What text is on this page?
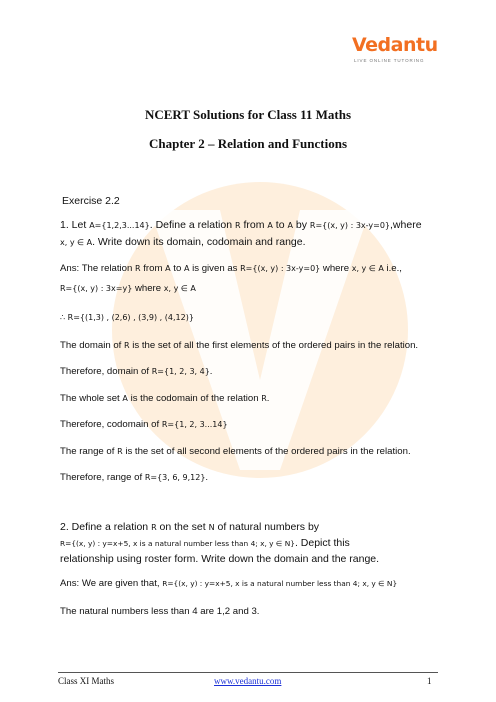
Vedantu
LIVE ONLINE TUTORING
NCERT Solutions for Class 11 Maths
Chapter 2 – Relation and Functions
Exercise 2.2
1. Let A={1,2,3...14}. Define a relation R from A to A by R={(x, y) : 3x-y=0},where
x, y ∈ A. Write down its domain, codomain and range.
Ans: The relation R from A to A is given as R={(x, y) : 3x-y=0} where x, y ∈ A i.e.,
R={(x, y) : 3x=y} where x, y ∈ A
∴ R={(1,3) , (2,6) , (3,9) , (4,12)}
The domain of R is the set of all the first elements of the ordered pairs in the relation.
Therefore, domain of R={1, 2, 3, 4}.
The whole set A is the codomain of the relation R.
Therefore, codomain of R={1, 2, 3...14}
The range of R is the set of all second elements of the ordered pairs in the relation.
Therefore, range of R={3, 6, 9,12}.
2. Define a relation R on the set N of natural numbers by
R={(x, y) : y=x+5, x is a natural number less than 4; x, y ∈ N}. Depict this
relationship using roster form. Write down the domain and the range.
Ans: We are given that, R={(x, y) : y=x+5, x is a natural number less than 4; x, y ∈ N}
The natural numbers less than 4 are 1,2 and 3.
Class XI Maths	www.vedantu.com	1
